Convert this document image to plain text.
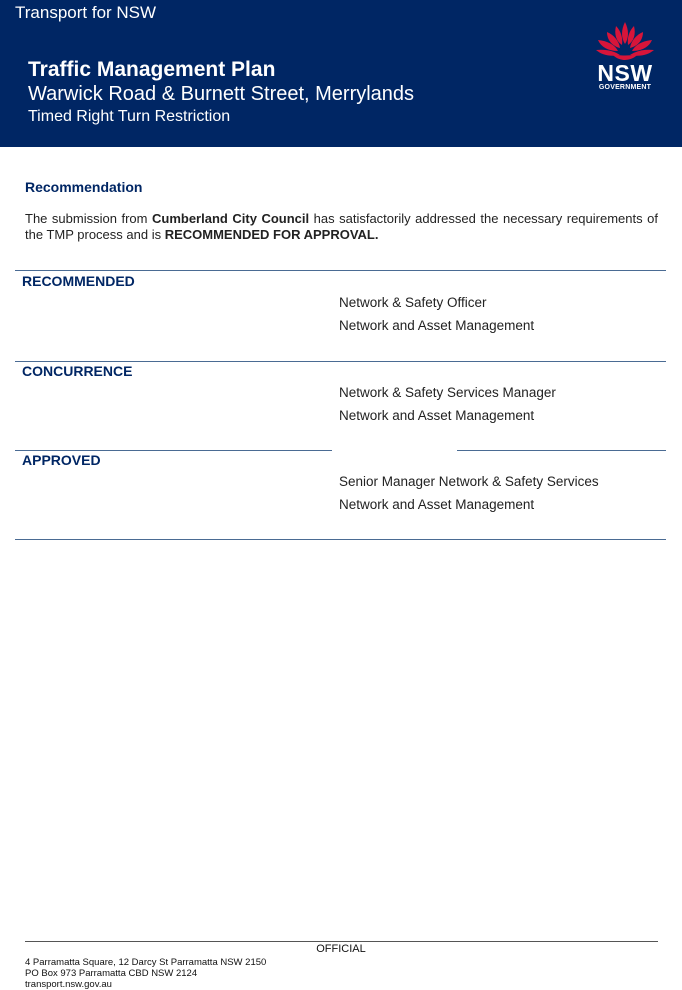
Transport for NSW
Traffic Management Plan
Warwick Road & Burnett Street, Merrylands
Timed Right Turn Restriction
NSW
GOVERNMENT
Recommendation
The submission from Cumberland City Council has satisfactorily addressed the necessary requirements of the TMP process and is RECOMMENDED FOR APPROVAL.
RECOMMENDED
Network & Safety Officer
Network and Asset Management
CONCURRENCE
Network & Safety Services Manager
Network and Asset Management
APPROVED
Senior Manager Network & Safety Services
Network and Asset Management
OFFICIAL
4 Parramatta Square, 12 Darcy St Parramatta NSW 2150
PO Box 973 Parramatta CBD NSW 2124
transport.nsw.gov.au
